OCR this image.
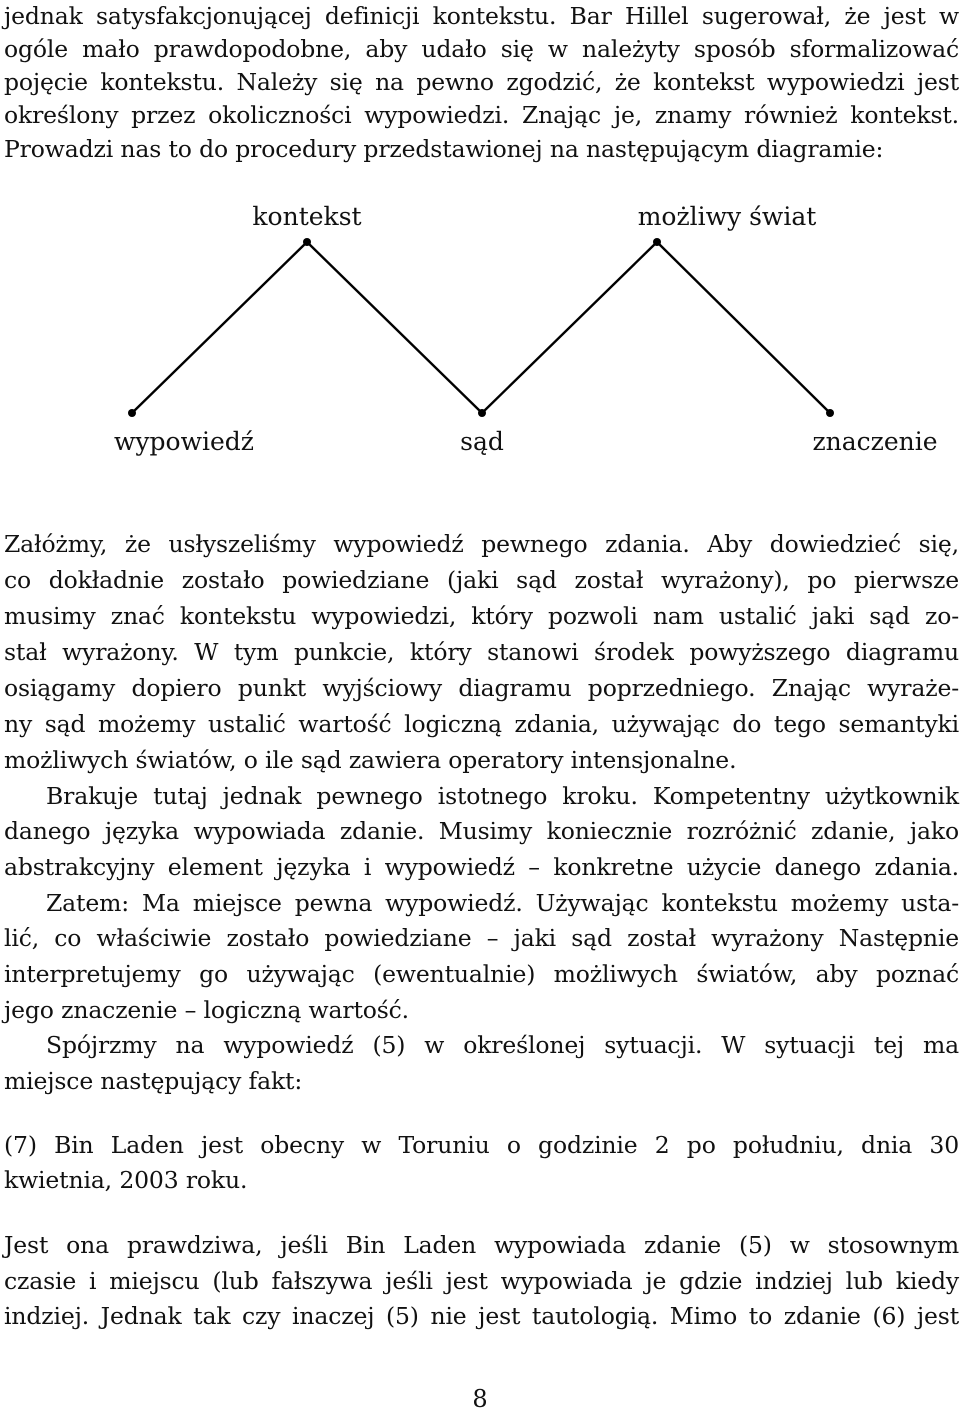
jednak satysfakcjonującej definicji kontekstu. Bar Hillel sugerował, że jest w
ogóle mało prawdopodobne, aby udało się w należyty sposób sformalizować
pojęcie kontekstu. Należy się na pewno zgodzić, że kontekst wypowiedzi jest
określony przez okoliczności wypowiedzi. Znając je, znamy również kontekst.
Prowadzi nas to do procedury przedstawionej na następującym diagramie:
kontekst	możliwy świat
wypowiedź	sąd	znaczenie
Załóżmy, że usłyszeliśmy wypowiedź pewnego zdania. Aby dowiedzieć się,
co dokładnie zostało powiedziane (jaki sąd został wyrażony), po pierwsze
musimy znać kontekstu wypowiedzi, który pozwoli nam ustalić jaki sąd zo-
stał wyrażony. W tym punkcie, który stanowi środek powyższego diagramu
osiągamy dopiero punkt wyjściowy diagramu poprzedniego. Znając wyraże-
ny sąd możemy ustalić wartość logiczną zdania, używając do tego semantyki
możliwych światów, o ile sąd zawiera operatory intensjonalne.
Brakuje tutaj jednak pewnego istotnego kroku. Kompetentny użytkownik
danego języka wypowiada zdanie. Musimy koniecznie rozróżnić zdanie, jako
abstrakcyjny element języka i wypowiedź – konkretne użycie danego zdania.
Zatem: Ma miejsce pewna wypowiedź. Używając kontekstu możemy usta-
lić, co właściwie zostało powiedziane – jaki sąd został wyrażony Następnie
interpretujemy go używając (ewentualnie) możliwych światów, aby poznać
jego znaczenie – logiczną wartość.
Spójrzmy na wypowiedź (5) w określonej sytuacji. W sytuacji tej ma
miejsce następujący fakt:
(7) Bin Laden jest obecny w Toruniu o godzinie 2 po południu, dnia 30
kwietnia, 2003 roku.
Jest ona prawdziwa, jeśli Bin Laden wypowiada zdanie (5) w stosownym
czasie i miejscu (lub fałszywa jeśli jest wypowiada je gdzie indziej lub kiedy
indziej. Jednak tak czy inaczej (5) nie jest tautologią. Mimo to zdanie (6) jest
8
